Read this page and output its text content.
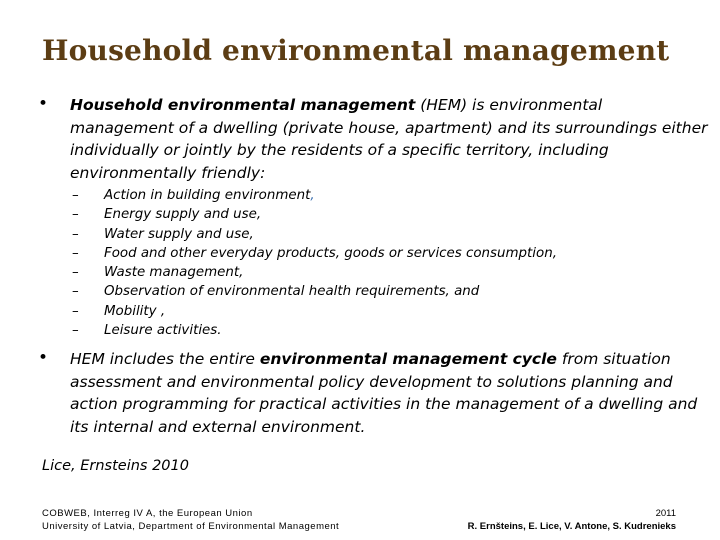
Household environmental management
• Household environmental management (HEM) is environmental management of a dwelling (private house, apartment) and its surroundings either individually or jointly by the residents of a specific territory, including environmentally friendly:
– Action in building environment,
– Energy supply and use,
– Water supply and use,
– Food and other everyday products, goods or services consumption,
– Waste management,
– Observation of environmental health requirements, and
– Mobility ,
– Leisure activities.
• HEM includes the entire environmental management cycle from situation assessment and environmental policy development to solutions planning and action programming for practical activities in the management of a dwelling and its internal and external environment.
Lice, Ernsteins 2010
COBWEB, Interreg IV A, the European Union
University of Latvia, Department of Environmental Management
2011
R. Ernšteins, E. Lice, V. Antone, S. Kudrenieks
